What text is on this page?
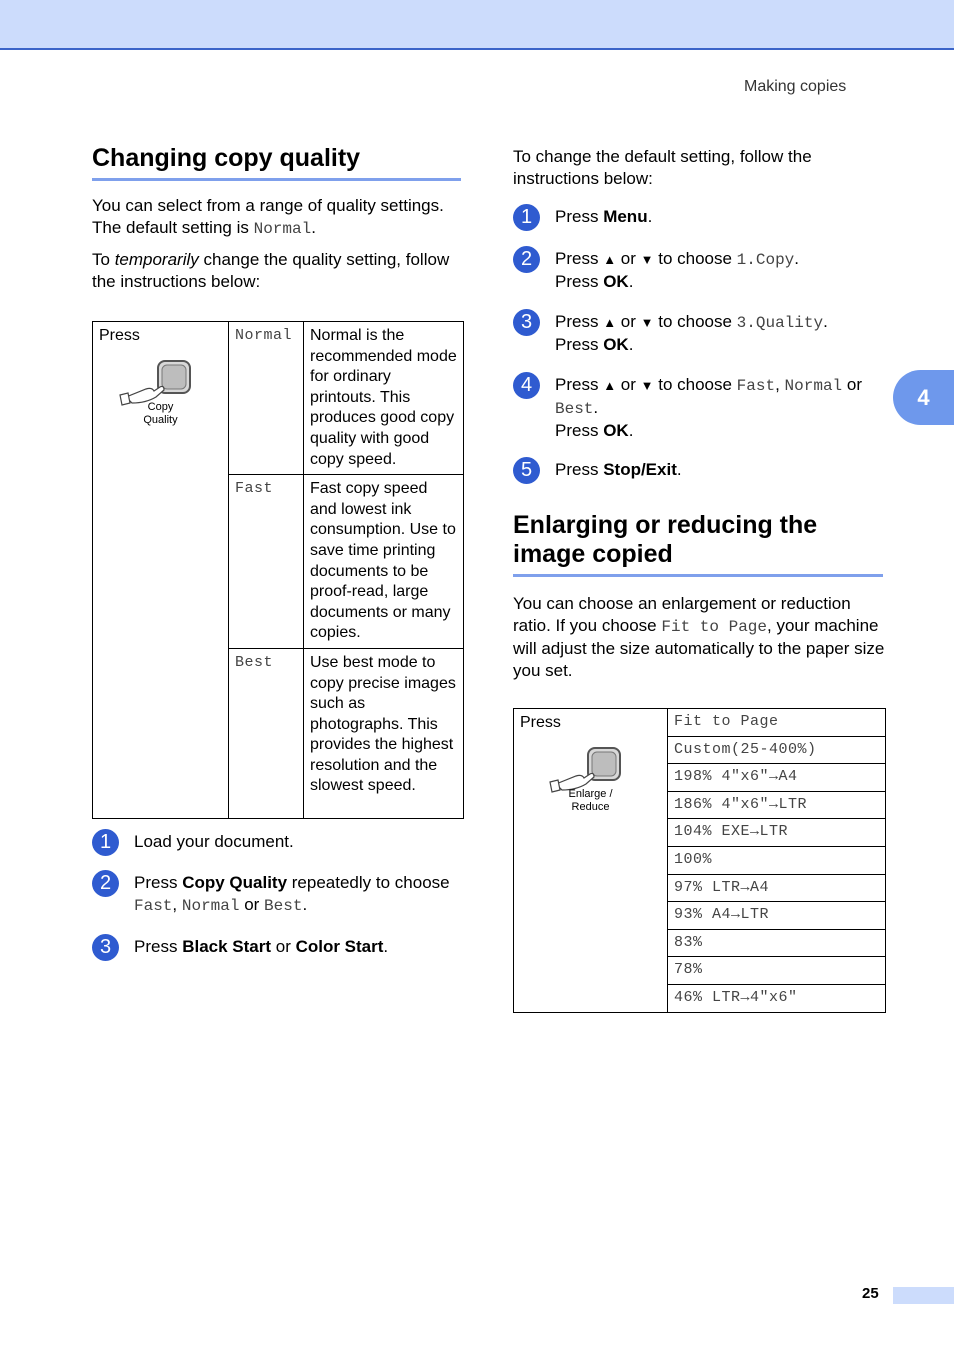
Making copies
4
Changing copy quality

You can select from a range of quality settings. The default setting is Normal.

To temporarily change the quality setting, follow the instructions below:

Press
Copy
Quality	Normal	Normal is the recommended mode for ordinary printouts. This produces good copy quality with good copy speed.
	Fast	Fast copy speed and lowest ink consumption. Use to save time printing documents to be proof-read, large documents or many copies.
	Best	Use best mode to copy precise images such as photographs. This provides the highest resolution and the slowest speed.
1	Load your document.
2	Press Copy Quality repeatedly to choose Fast, Normal or Best.
3	Press Black Start or Color Start.

To change the default setting, follow the instructions below:

1	Press Menu.
2	Press ▲ or ▼ to choose 1.Copy.
Press OK.
3	Press ▲ or ▼ to choose 3.Quality.
Press OK.
4	Press ▲ or ▼ to choose Fast, Normal or Best.
Press OK.
5	Press Stop/Exit.
Enlarging or reducing the
image copied

You can choose an enlargement or reduction ratio. If you choose Fit to Page, your machine will adjust the size automatically to the paper size you set.

Press
Enlarge /
Reduce
	Fit to Page
Custom(25-400%)
198% 4"x6"→A4
186% 4"x6"→LTR
104% EXE→LTR
100%
97% LTR→A4
93% A4→LTR
83%
78%
46% LTR→4"x6"
25
